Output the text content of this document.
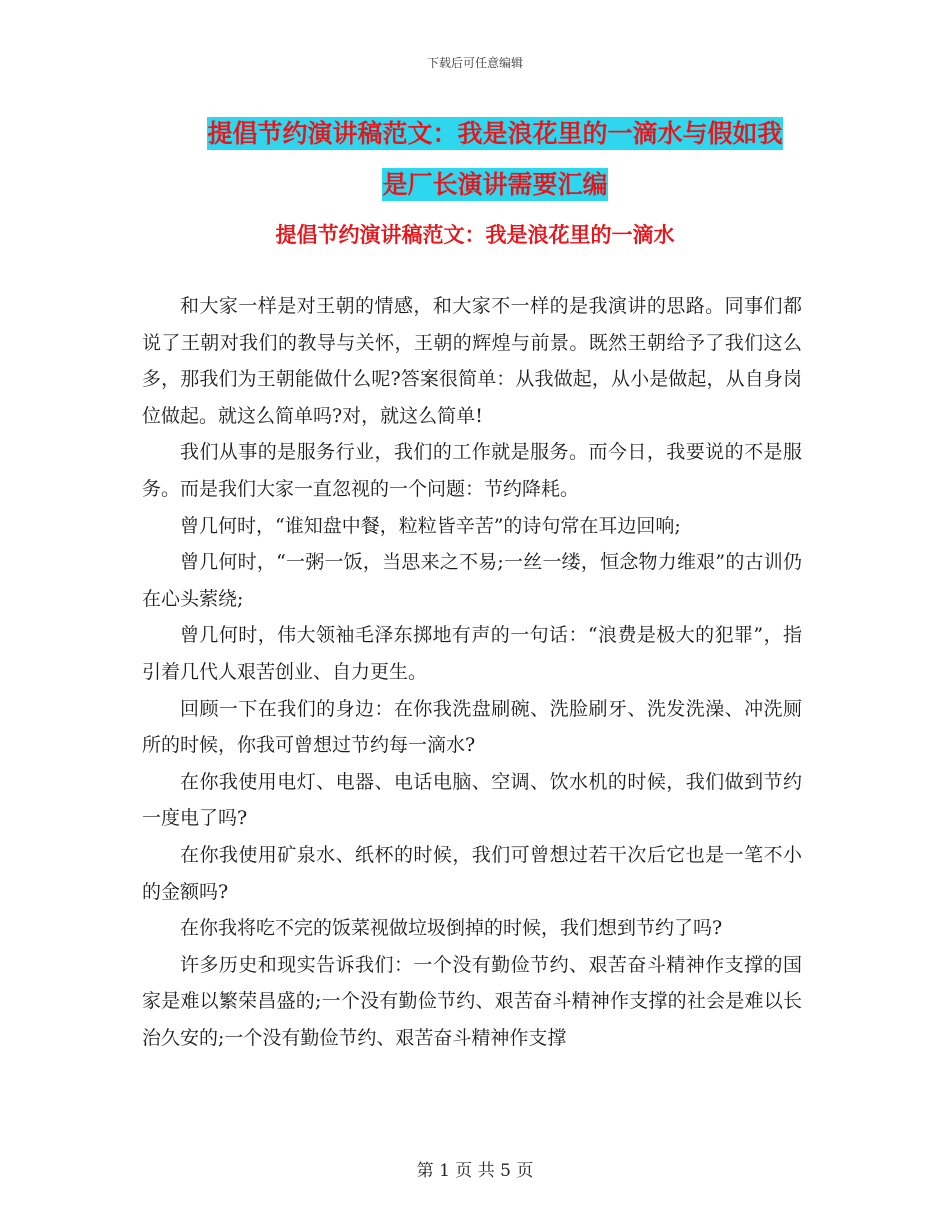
下载后可任意编辑
提倡节约演讲稿范文：我是浪花里的一滴水与假如我
是厂长演讲需要汇编
提倡节约演讲稿范文：我是浪花里的一滴水

和大家一样是对王朝的情感，和大家不一样的是我演讲的思路。同事们都说了王朝对我们的教导与关怀，王朝的辉煌与前景。既然王朝给予了我们这么多，那我们为王朝能做什么呢?答案很简单：从我做起，从小是做起，从自身岗位做起。就这么简单吗?对，就这么简单!

我们从事的是服务行业，我们的工作就是服务。而今日，我要说的不是服务。而是我们大家一直忽视的一个问题：节约降耗。

曾几何时，“谁知盘中餐，粒粒皆辛苦”的诗句常在耳边回响;

曾几何时，“一粥一饭，当思来之不易;一丝一缕，恒念物力维艰”的古训仍在心头萦绕;

曾几何时，伟大领袖毛泽东掷地有声的一句话：“浪费是极大的犯罪”，指引着几代人艰苦创业、自力更生。

回顾一下在我们的身边：在你我洗盘刷碗、洗脸刷牙、洗发洗澡、冲洗厕所的时候，你我可曾想过节约每一滴水?

在你我使用电灯、电器、电话电脑、空调、饮水机的时候，我们做到节约一度电了吗?

在你我使用矿泉水、纸杯的时候，我们可曾想过若干次后它也是一笔不小的金额吗?

在你我将吃不完的饭菜视做垃圾倒掉的时候，我们想到节约了吗?

许多历史和现实告诉我们：一个没有勤俭节约、艰苦奋斗精神作支撑的国家是难以繁荣昌盛的;一个没有勤俭节约、艰苦奋斗精神作支撑的社会是难以长治久安的;一个没有勤俭节约、艰苦奋斗精神作支撑

第 1 页 共 5 页
